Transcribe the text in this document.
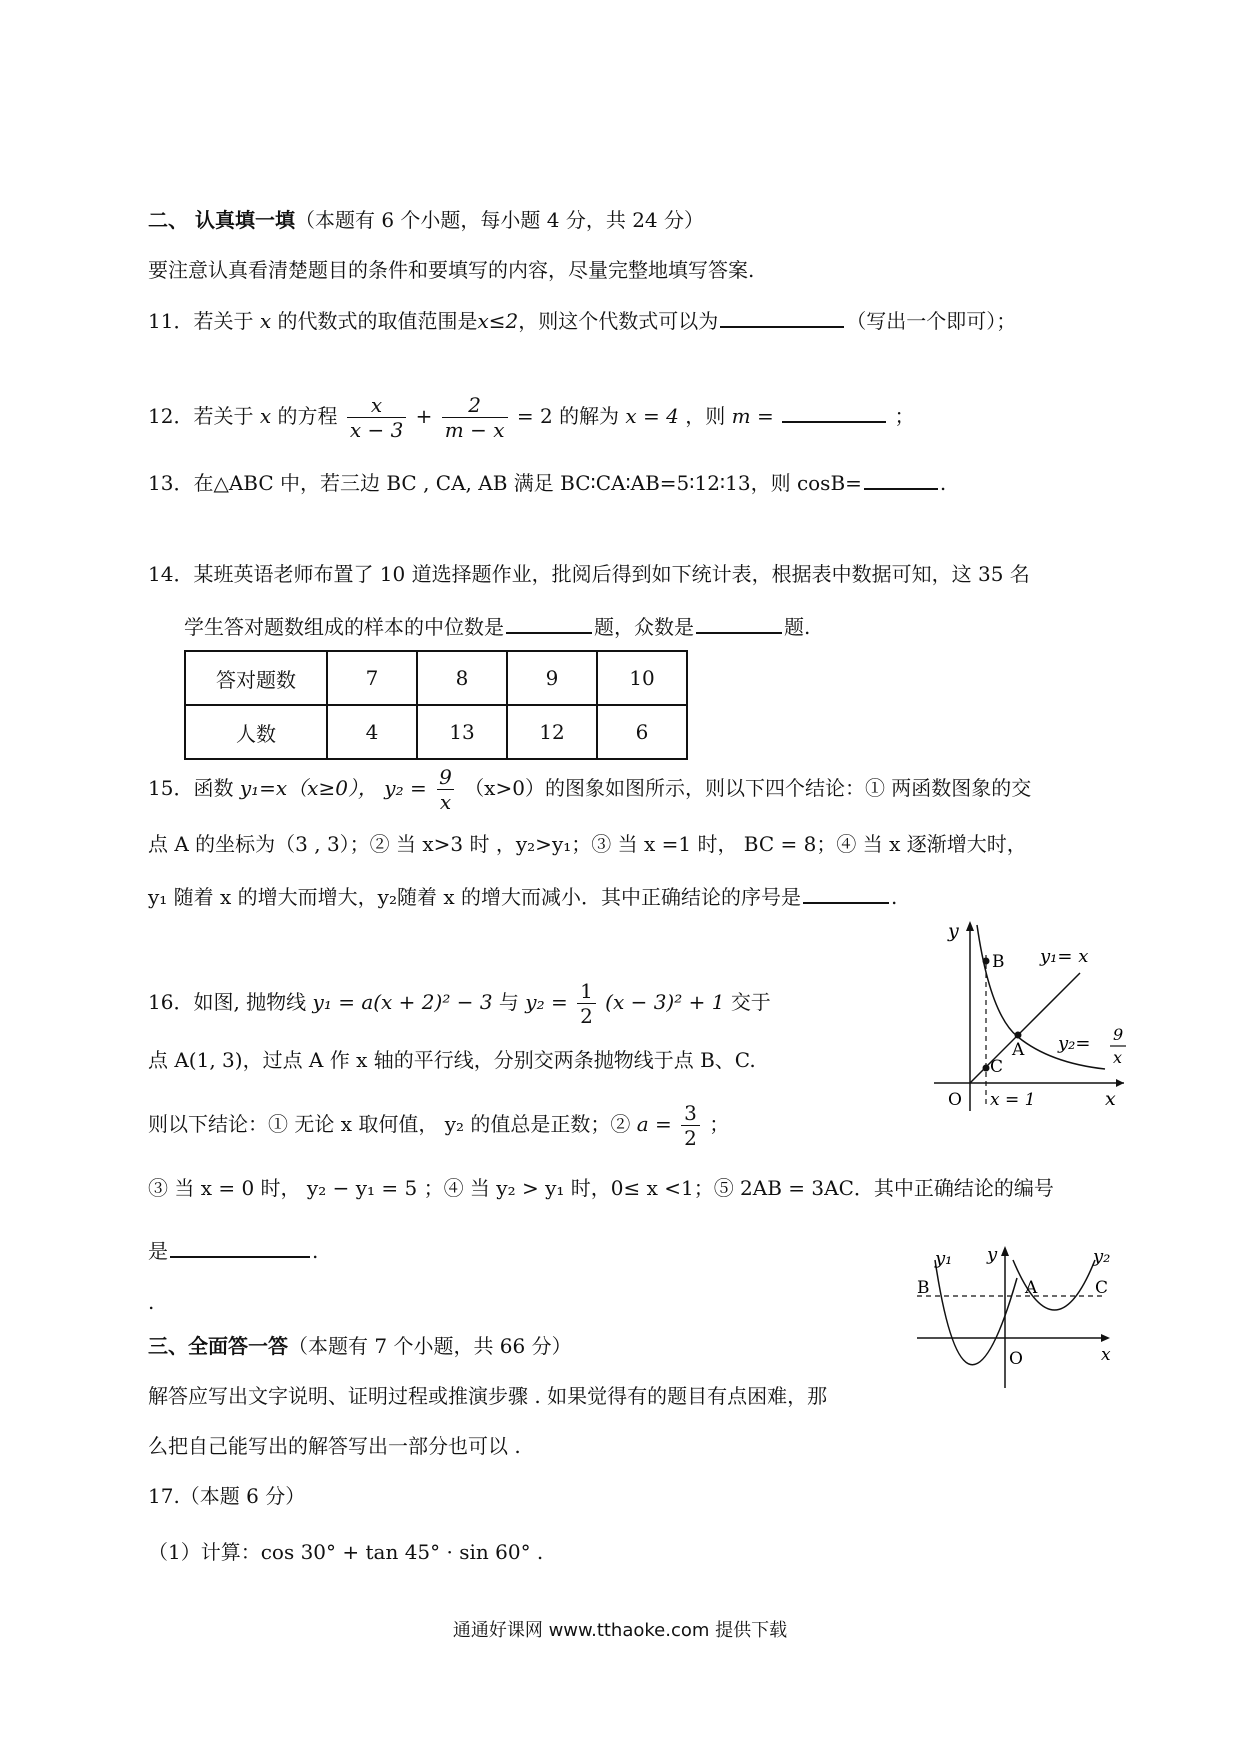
二、 认真填一填（本题有 6 个小题，每小题 4 分，共 24 分）
要注意认真看清楚题目的条件和要填写的内容，尽量完整地填写答案.
11．若关于 x 的代数式的取值范围是x≤2，则这个代数式可以为	（写出一个即可）；
12．若关于 x 的方程 $\frac{x}{x - 3} + \frac{2}{m - x} = 2$ 的解为 x = 4 ，则 m =	；
13．在△ABC 中，若三边 BC , CA, AB 满足 BC∶CA∶AB=5∶12∶13，则 cosB=	.
14．某班英语老师布置了 10 道选择题作业，批阅后得到如下统计表，根据表中数据可知，这 35 名
学生答对题数组成的样本的中位数是	题，众数是	题.
答对题数	7	8	9	10
人数	4	13	12	6
15．函数 y₁=x（x≥0）， $y_2 = \frac{9}{x} (x>0)$的图象如图所示，则以下四个结论：① 两函数图象的交
点 A 的坐标为（3 , 3）；② 当 x>3 时 ，y₂>y₁；③ 当 x =1 时， BC = 8；④ 当 x 逐渐增大时，
y₁ 随着 x 的增大而增大，y₂随着 x 的增大而减小．其中正确结论的序号是	.
y
x
O
B
A
C
y₁= x
y₂= 9
x
x = 1
16．如图, 抛物线 y₁ = a(x + 2)² − 3 与 $y_2 = \frac{1}{2} (x - 3)^2 + 1$ 交于
点 A(1, 3)，过点 A 作 x 轴的平行线，分别交两条抛物线于点 B、C.
则以下结论：① 无论 x 取何值， y₂ 的值总是正数；② $a = \frac{3}{2}$ ；
③ 当 x = 0 时， y₂ − y₁ = 5 ；④ 当 y₂ > y₁ 时，0≤ x <1；⑤ 2AB = 3AC．其中正确结论的编号
是	.	y₁ y	y₂
B	A	C
O	x
.
三、全面答一答（本题有 7 个小题，共 66 分）
解答应写出文字说明、证明过程或推演步骤 . 如果觉得有的题目有点困难，那
么把自己能写出的解答写出一部分也可以 .
17.（本题 6 分）
（1）计算：cos 30° + tan 45° · sin 60° .
通通好课网 www.tthaoke.com 提供下载
